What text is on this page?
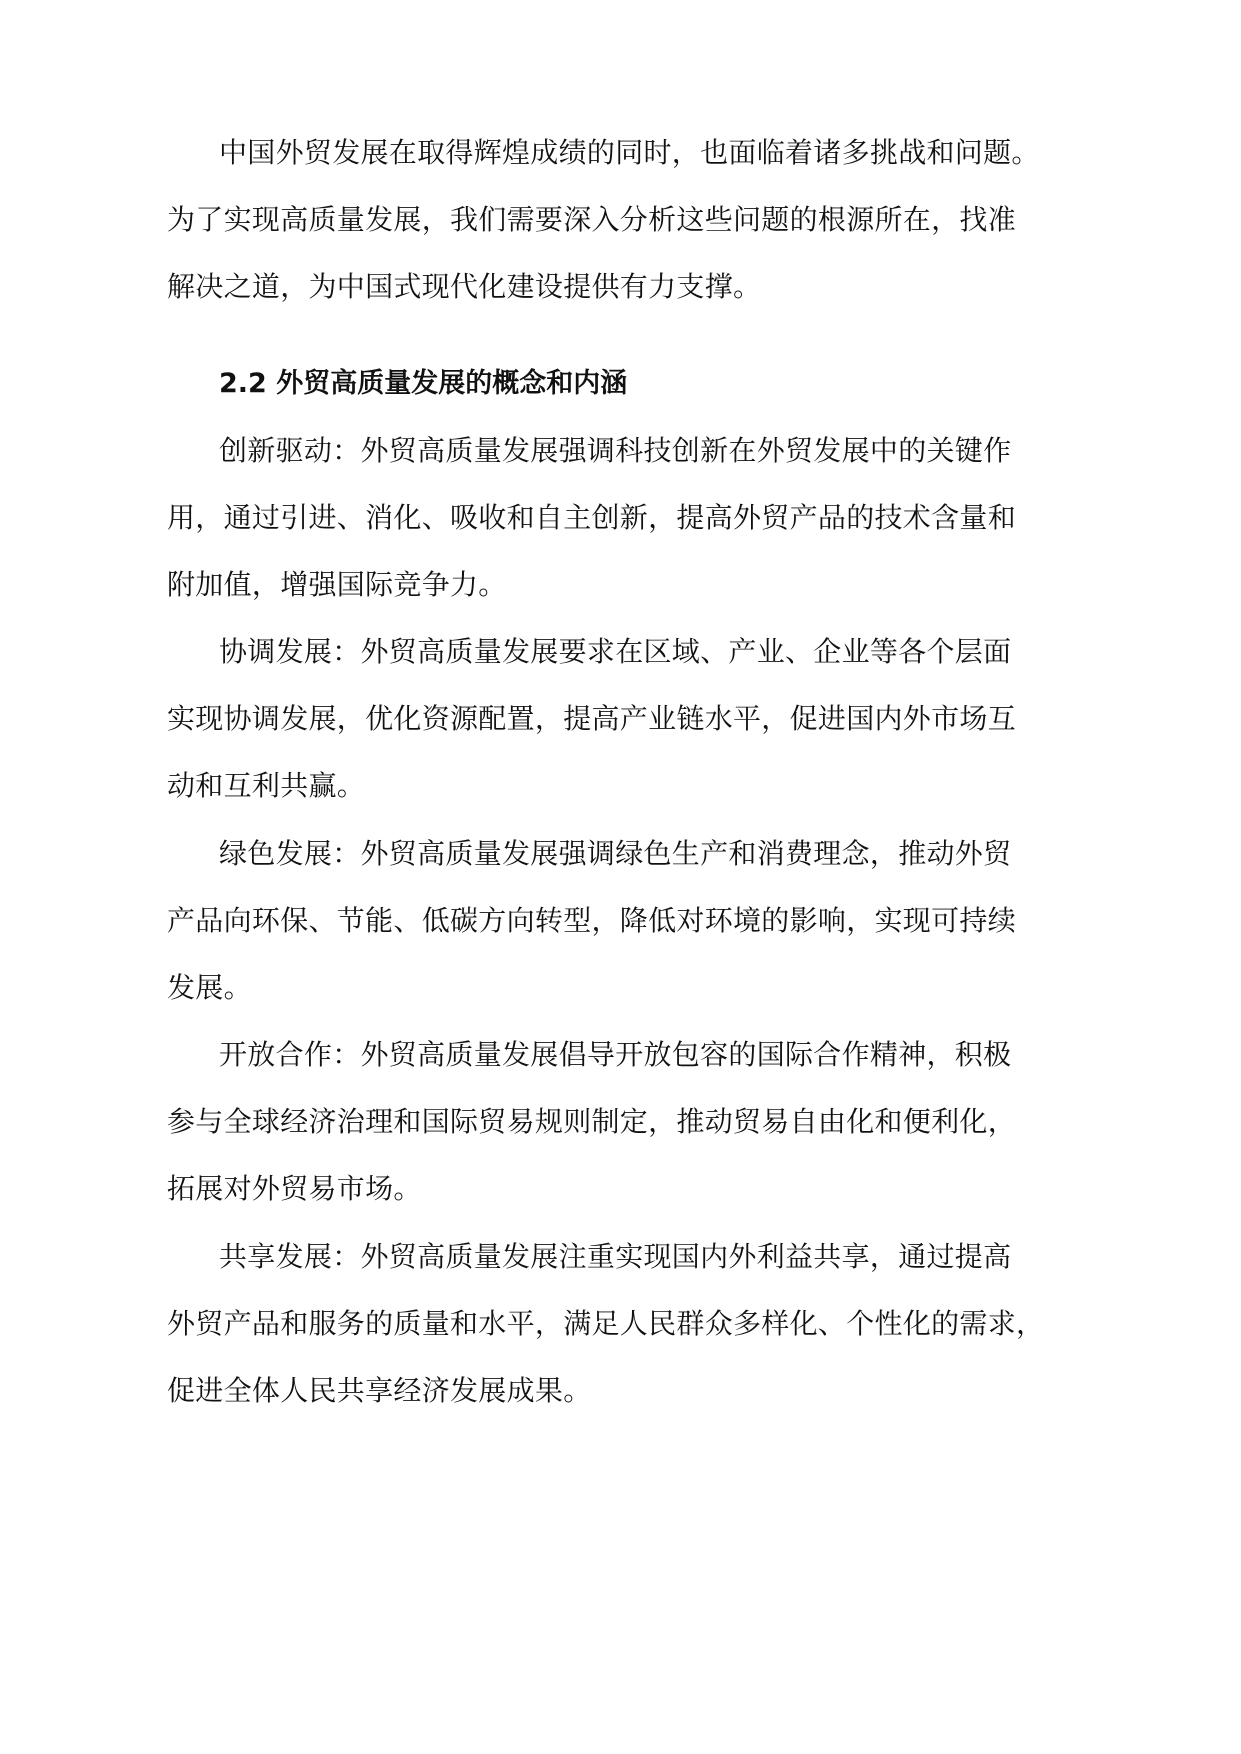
中国外贸发展在取得辉煌成绩的同时，也面临着诸多挑战和问题。
为了实现高质量发展，我们需要深入分析这些问题的根源所在，找准
解决之道，为中国式现代化建设提供有力支撑。
2.2 外贸高质量发展的概念和内涵
创新驱动：外贸高质量发展强调科技创新在外贸发展中的关键作
用，通过引进、消化、吸收和自主创新，提高外贸产品的技术含量和
附加值，增强国际竞争力。
协调发展：外贸高质量发展要求在区域、产业、企业等各个层面
实现协调发展，优化资源配置，提高产业链水平，促进国内外市场互
动和互利共赢。
绿色发展：外贸高质量发展强调绿色生产和消费理念，推动外贸
产品向环保、节能、低碳方向转型，降低对环境的影响，实现可持续
发展。
开放合作：外贸高质量发展倡导开放包容的国际合作精神，积极
参与全球经济治理和国际贸易规则制定，推动贸易自由化和便利化，
拓展对外贸易市场。
共享发展：外贸高质量发展注重实现国内外利益共享，通过提高
外贸产品和服务的质量和水平，满足人民群众多样化、个性化的需求，
促进全体人民共享经济发展成果。
